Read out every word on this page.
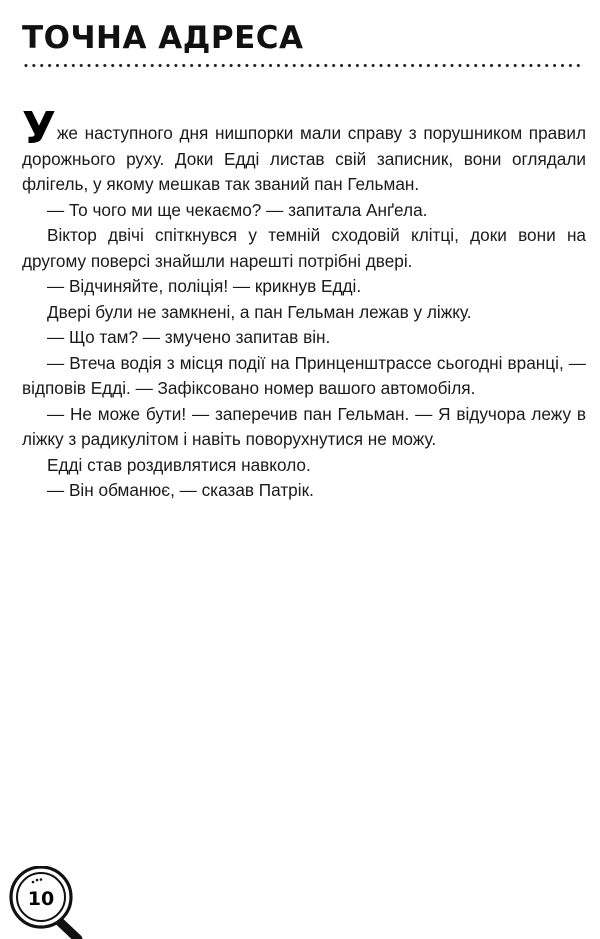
ТОЧНА АДРЕСА

Уже наступного дня нишпорки мали справу з порушником правил дорожнього руху. Доки Едді листав свій записник, вони оглядали флігель, у якому мешкав так званий пан Гельман.

— То чого ми ще чекаємо? — запитала Анґела.

Віктор двічі спіткнувся у темній сходовій клітці, доки вони на другому поверсі знайшли нарешті потрібні двері.

— Відчиняйте, поліція! — крикнув Едді.

Двері були не замкнені, а пан Гельман лежав у ліжку.

— Що там? — змучено запитав він.

— Втеча водія з місця події на Принценштрассе сьогодні вранці, — відповів Едді. — Зафіксовано номер вашого автомобіля.

— Не може бути! — заперечив пан Гельман. — Я відучора лежу в ліжку з радикулітом і навіть поворухнутися не можу.

Едді став роздивлятися навколо.

— Він обманює, — сказав Патрік.

10
